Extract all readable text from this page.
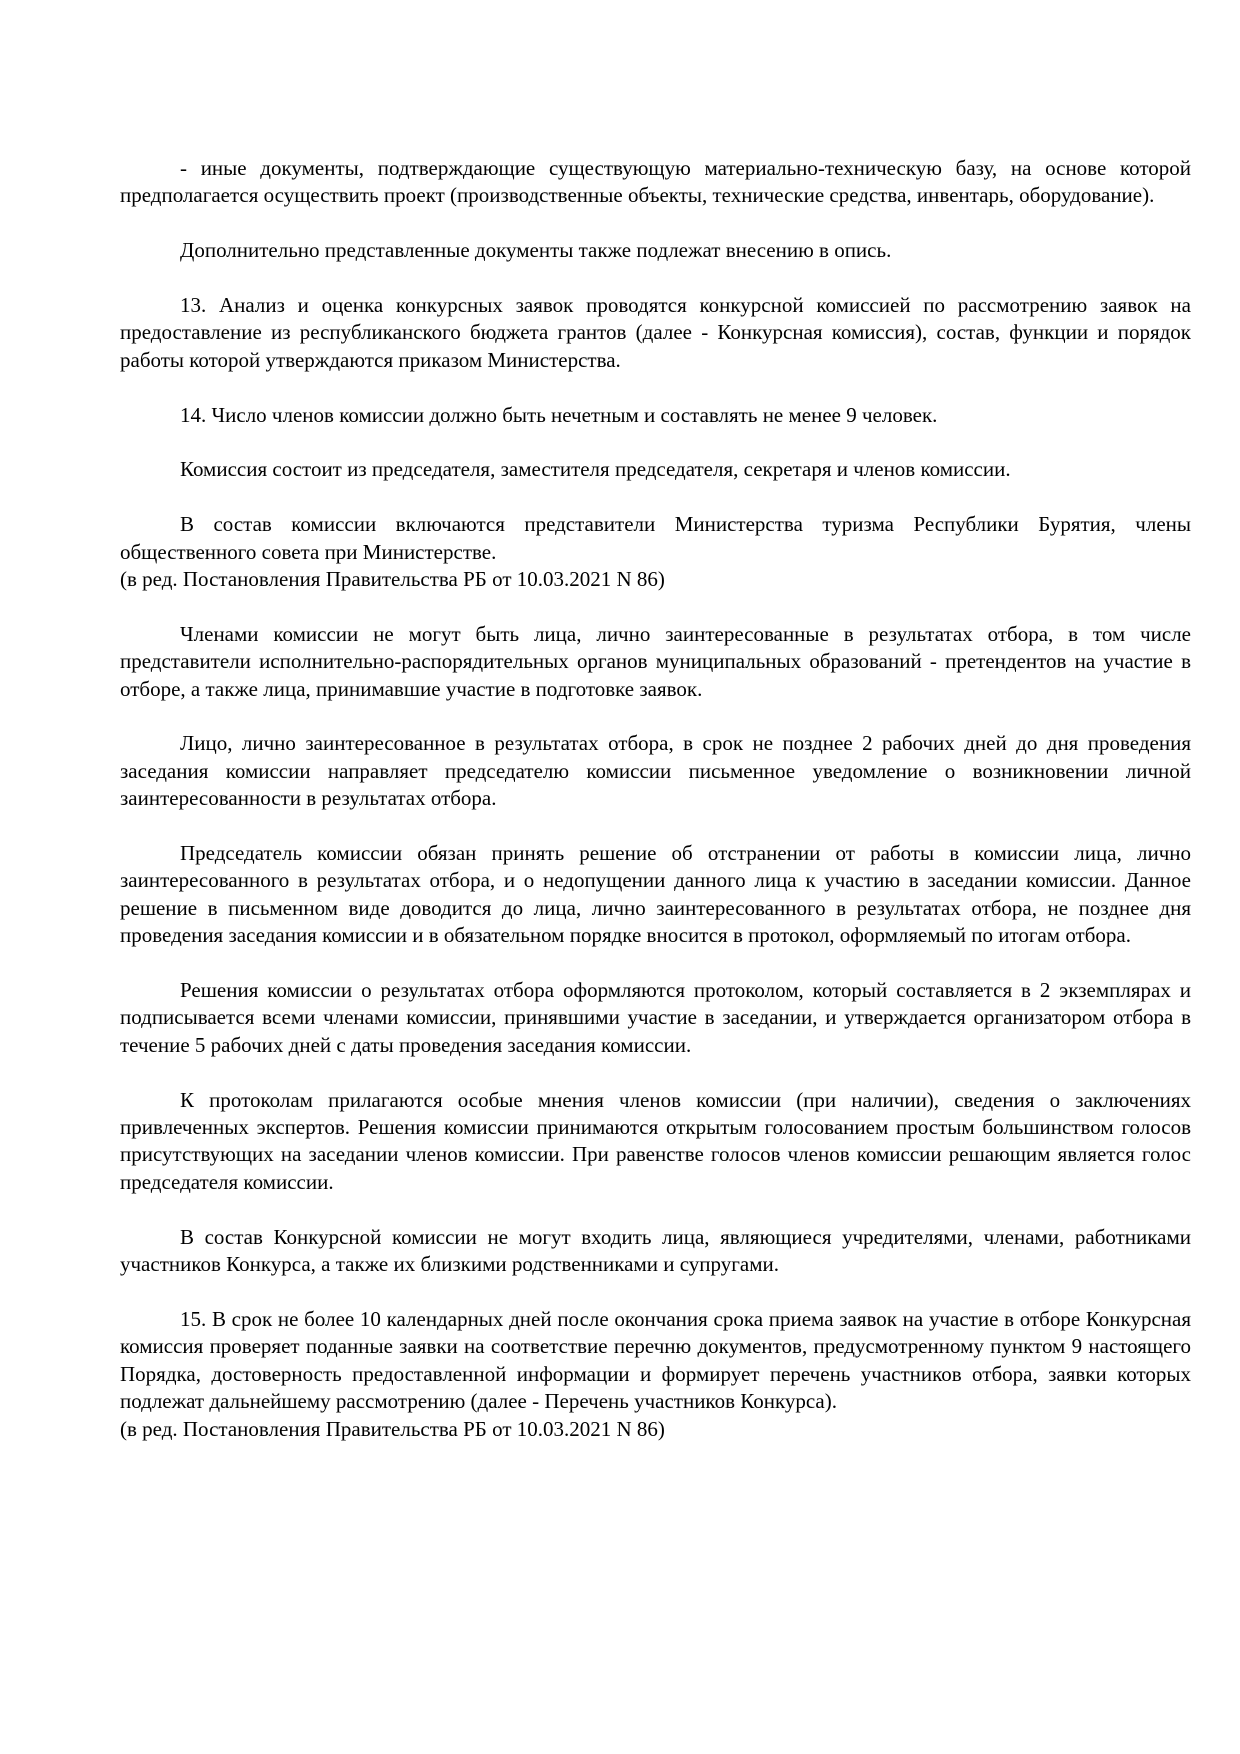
- иные документы, подтверждающие существующую материально-техническую базу, на основе которой предполагается осуществить проект (производственные объекты, технические средства, инвентарь, оборудование).
Дополнительно представленные документы также подлежат внесению в опись.
13. Анализ и оценка конкурсных заявок проводятся конкурсной комиссией по рассмотрению заявок на предоставление из республиканского бюджета грантов (далее - Конкурсная комиссия), состав, функции и порядок работы которой утверждаются приказом Министерства.
14. Число членов комиссии должно быть нечетным и составлять не менее 9 человек.
Комиссия состоит из председателя, заместителя председателя, секретаря и членов комиссии.
В состав комиссии включаются представители Министерства туризма Республики Бурятия, члены общественного совета при Министерстве.
(в ред. Постановления Правительства РБ от 10.03.2021 N 86)
Членами комиссии не могут быть лица, лично заинтересованные в результатах отбора, в том числе представители исполнительно-распорядительных органов муниципальных образований - претендентов на участие в отборе, а также лица, принимавшие участие в подготовке заявок.
Лицо, лично заинтересованное в результатах отбора, в срок не позднее 2 рабочих дней до дня проведения заседания комиссии направляет председателю комиссии письменное уведомление о возникновении личной заинтересованности в результатах отбора.
Председатель комиссии обязан принять решение об отстранении от работы в комиссии лица, лично заинтересованного в результатах отбора, и о недопущении данного лица к участию в заседании комиссии. Данное решение в письменном виде доводится до лица, лично заинтересованного в результатах отбора, не позднее дня проведения заседания комиссии и в обязательном порядке вносится в протокол, оформляемый по итогам отбора.
Решения комиссии о результатах отбора оформляются протоколом, который составляется в 2 экземплярах и подписывается всеми членами комиссии, принявшими участие в заседании, и утверждается организатором отбора в течение 5 рабочих дней с даты проведения заседания комиссии.
К протоколам прилагаются особые мнения членов комиссии (при наличии), сведения о заключениях привлеченных экспертов. Решения комиссии принимаются открытым голосованием простым большинством голосов присутствующих на заседании членов комиссии. При равенстве голосов членов комиссии решающим является голос председателя комиссии.
В состав Конкурсной комиссии не могут входить лица, являющиеся учредителями, членами, работниками участников Конкурса, а также их близкими родственниками и супругами.
15. В срок не более 10 календарных дней после окончания срока приема заявок на участие в отборе Конкурсная комиссия проверяет поданные заявки на соответствие перечню документов, предусмотренному пунктом 9 настоящего Порядка, достоверность предоставленной информации и формирует перечень участников отбора, заявки которых подлежат дальнейшему рассмотрению (далее - Перечень участников Конкурса).
(в ред. Постановления Правительства РБ от 10.03.2021 N 86)
